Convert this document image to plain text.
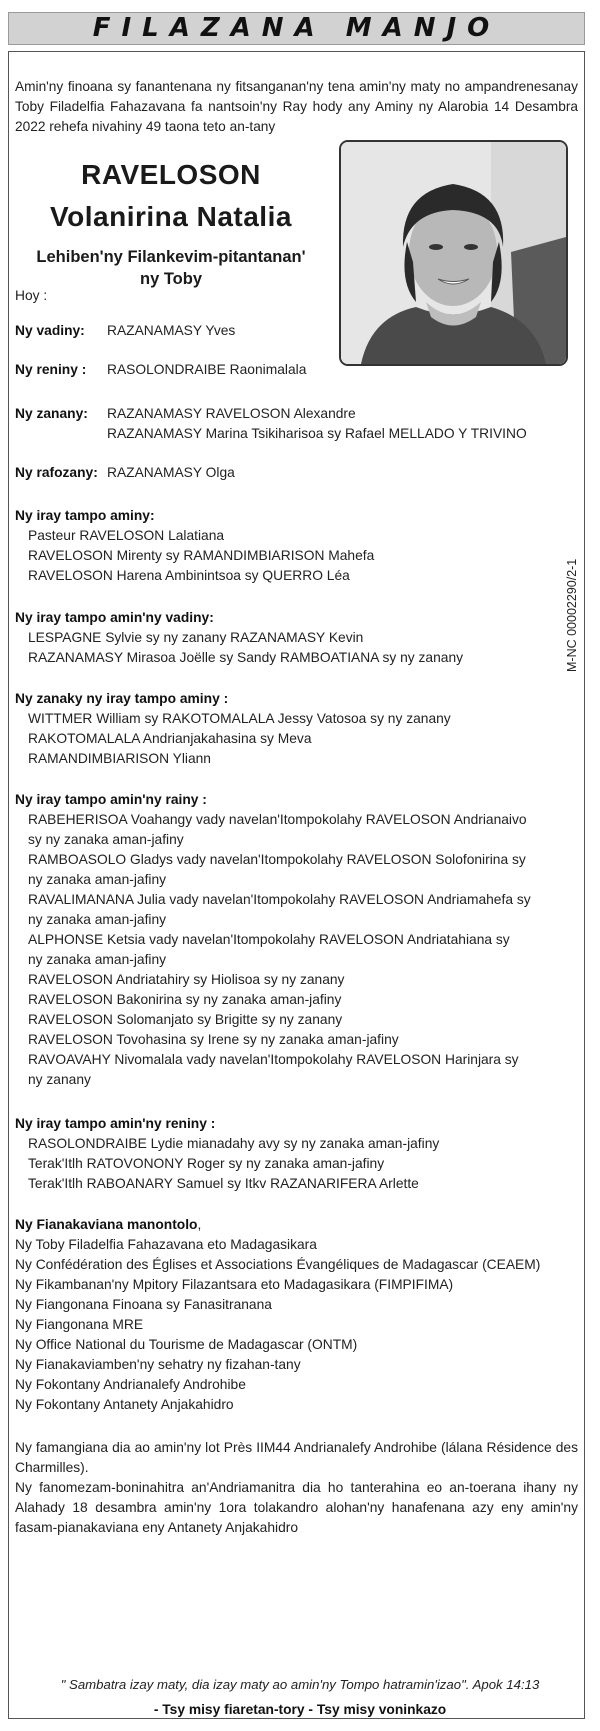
FILAZANA MANJO
Amin'ny finoana sy fanantenana ny fitsanganan'ny tena amin'ny maty no ampandrenesanay Toby Filadelfia Fahazavana fa nantsoin'ny Ray hody any Aminy ny Alarobia 14 Desambra 2022 rehefa nivahiny 49 taona teto an-tany
RAVELOSON
Volanirina Natalia
Lehiben'ny Filankevim-pitantanan'
ny Toby
Hoy :
Ny vadiny: RAZANAMASY Yves
Ny reniny : RASOLONDRAIBE Raonimalala
Ny zanany: RAZANAMASY RAVELOSON Alexandre
RAZANAMASY Marina Tsikiharisoa sy Rafael MELLADO Y TRIVINO
Ny rafozany: RAZANAMASY Olga
Ny iray tampo aminy:
Pasteur RAVELOSON Lalatiana
RAVELOSON Mirenty sy RAMANDIMBIARISON Mahefa
RAVELOSON Harena Ambinintsoa sy QUERRO Léa
Ny iray tampo amin'ny vadiny:
LESPAGNE Sylvie sy ny zanany RAZANAMASY Kevin
RAZANAMASY Mirasoa Joëlle sy Sandy RAMBOATIANA sy ny zanany
Ny zanaky ny iray tampo aminy :
WITTMER William sy RAKOTOMALALA Jessy Vatosoa sy ny zanany
RAKOTOMALALA Andrianjakahasina sy Meva
RAMANDIMBIARISON Yliann
Ny iray tampo amin'ny rainy :
RABEHERISOA Voahangy vady navelan'Itompokolahy RAVELOSON Andrianaivo
sy ny zanaka aman-jafiny
RAMBOASOLO Gladys vady navelan'Itompokolahy RAVELOSON Solofonirina sy
ny zanaka aman-jafiny
RAVALIMANANA Julia vady navelan'Itompokolahy RAVELOSON Andriamahefa sy
ny zanaka aman-jafiny
ALPHONSE Ketsia vady navelan'Itompokolahy RAVELOSON Andriatahiana sy
ny zanaka aman-jafiny
RAVELOSON Andriatahiry sy Hiolisoa sy ny zanany
RAVELOSON Bakonirina sy ny zanaka aman-jafiny
RAVELOSON Solomanjato sy Brigitte sy ny zanany
RAVELOSON Tovohasina sy Irene sy ny zanaka aman-jafiny
RAVOAVAHY Nivomalala vady navelan'Itompokolahy RAVELOSON Harinjara sy
ny zanany
Ny iray tampo amin'ny reniny :
RASOLONDRAIBE Lydie mianadahy avy sy ny zanaka aman-jafiny
Terak'Itlh RATOVONONY Roger sy ny zanaka aman-jafiny
Terak'Itlh RABOANARY Samuel sy Itkv RAZANARIFERA Arlette
Ny Fianakaviana manontolo,
Ny Toby Filadelfia Fahazavana eto Madagasikara
Ny Confédération des Églises et Associations Évangéliques de Madagascar (CEAEM)
Ny Fikambanan'ny Mpitory Filazantsara eto Madagasikara (FIMPIFIMA)
Ny Fiangonana Finoana sy Fanasitranana
Ny Fiangonana MRE
Ny Office National du Tourisme de Madagascar (ONTM)
Ny Fianakaviamben'ny sehatry ny fizahan-tany
Ny Fokontany Andrianalefy Androhibe
Ny Fokontany Antanety Anjakahidro
Ny famangiana dia ao amin'ny lot Près IIM44 Andrianalefy Androhibe (lálana Résidence des Charmilles).
Ny fanomezam-boninahitra an'Andriamanitra dia ho tanterahina eo an-toerana ihany ny Alahady 18 desambra amin'ny 1ora tolakandro alohan'ny hanafenana azy eny amin'ny fasam-pianakaviana eny Antanety Anjakahidro
" Sambatra izay maty, dia izay maty ao amin'ny Tompo hatramin'izao". Apok 14:13
- Tsy misy fiaretan-tory - Tsy misy voninkazo
M-NC 00002290/2-1
